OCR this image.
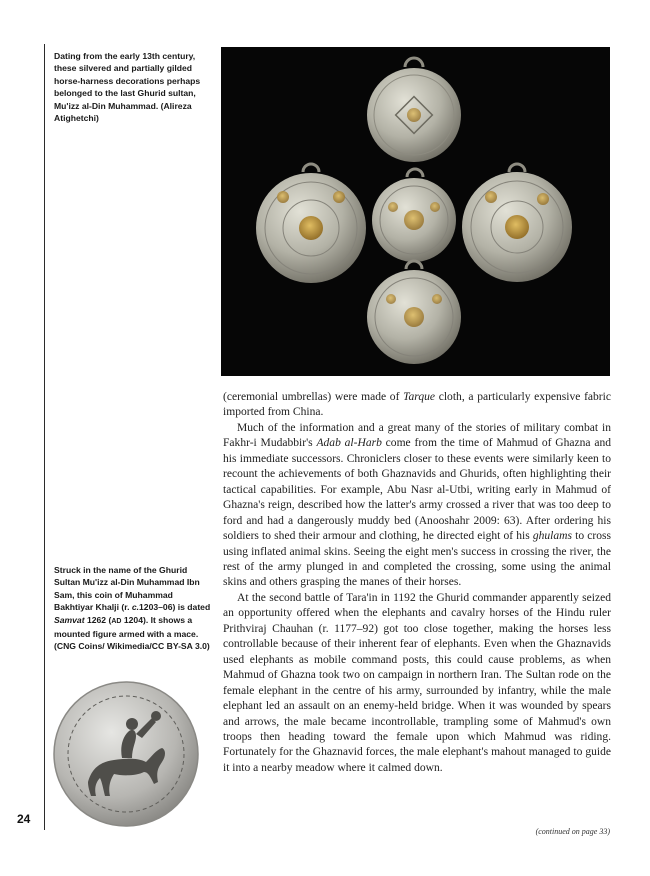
Dating from the early 13th century, these silvered and partially gilded horse-harness decorations perhaps belonged to the last Ghurid sultan, Mu'izz al-Din Muhammad. (Alireza Atighetchi)

Struck in the name of the Ghurid Sultan Mu'izz al-Din Muhammad Ibn Sam, this coin of Muhammad Bakhtiyar Khalji (r. c.1203–06) is dated Samvat 1262 (AD 1204). It shows a mounted figure armed with a mace. (CNG Coins/ Wikimedia/CC BY-SA 3.0)

24

(ceremonial umbrellas) were made of Tarque cloth, a particularly expensive fabric imported from China.

Much of the information and a great many of the stories of military combat in Fakhr-i Mudabbir's Adab al-Harb come from the time of Mahmud of Ghazna and his immediate successors. Chroniclers closer to these events were similarly keen to recount the achievements of both Ghaznavids and Ghurids, often highlighting their tactical capabilities. For example, Abu Nasr al-Utbi, writing early in Mahmud of Ghazna's reign, described how the latter's army crossed a river that was too deep to ford and had a dangerously muddy bed (Anooshahr 2009: 63). After ordering his soldiers to shed their armour and clothing, he directed eight of his ghulams to cross using inflated animal skins. Seeing the eight men's success in crossing the river, the rest of the army plunged in and completed the crossing, some using the animal skins and others grasping the manes of their horses.

At the second battle of Tara'in in 1192 the Ghurid commander apparently seized an opportunity offered when the elephants and cavalry horses of the Hindu ruler Prithviraj Chauhan (r. 1177–92) got too close together, making the horses less controllable because of their inherent fear of elephants. Even when the Ghaznavids used elephants as mobile command posts, this could cause problems, as when Mahmud of Ghazna took two on campaign in northern Iran. The Sultan rode on the female elephant in the centre of his army, surrounded by infantry, while the male elephant led an assault on an enemy-held bridge. When it was wounded by spears and arrows, the male became incontrollable, trampling some of Mahmud's own troops then heading toward the female upon which Mahmud was riding. Fortunately for the Ghaznavid forces, the male elephant's mahout managed to guide it into a nearby meadow where it calmed down.

(continued on page 33)
